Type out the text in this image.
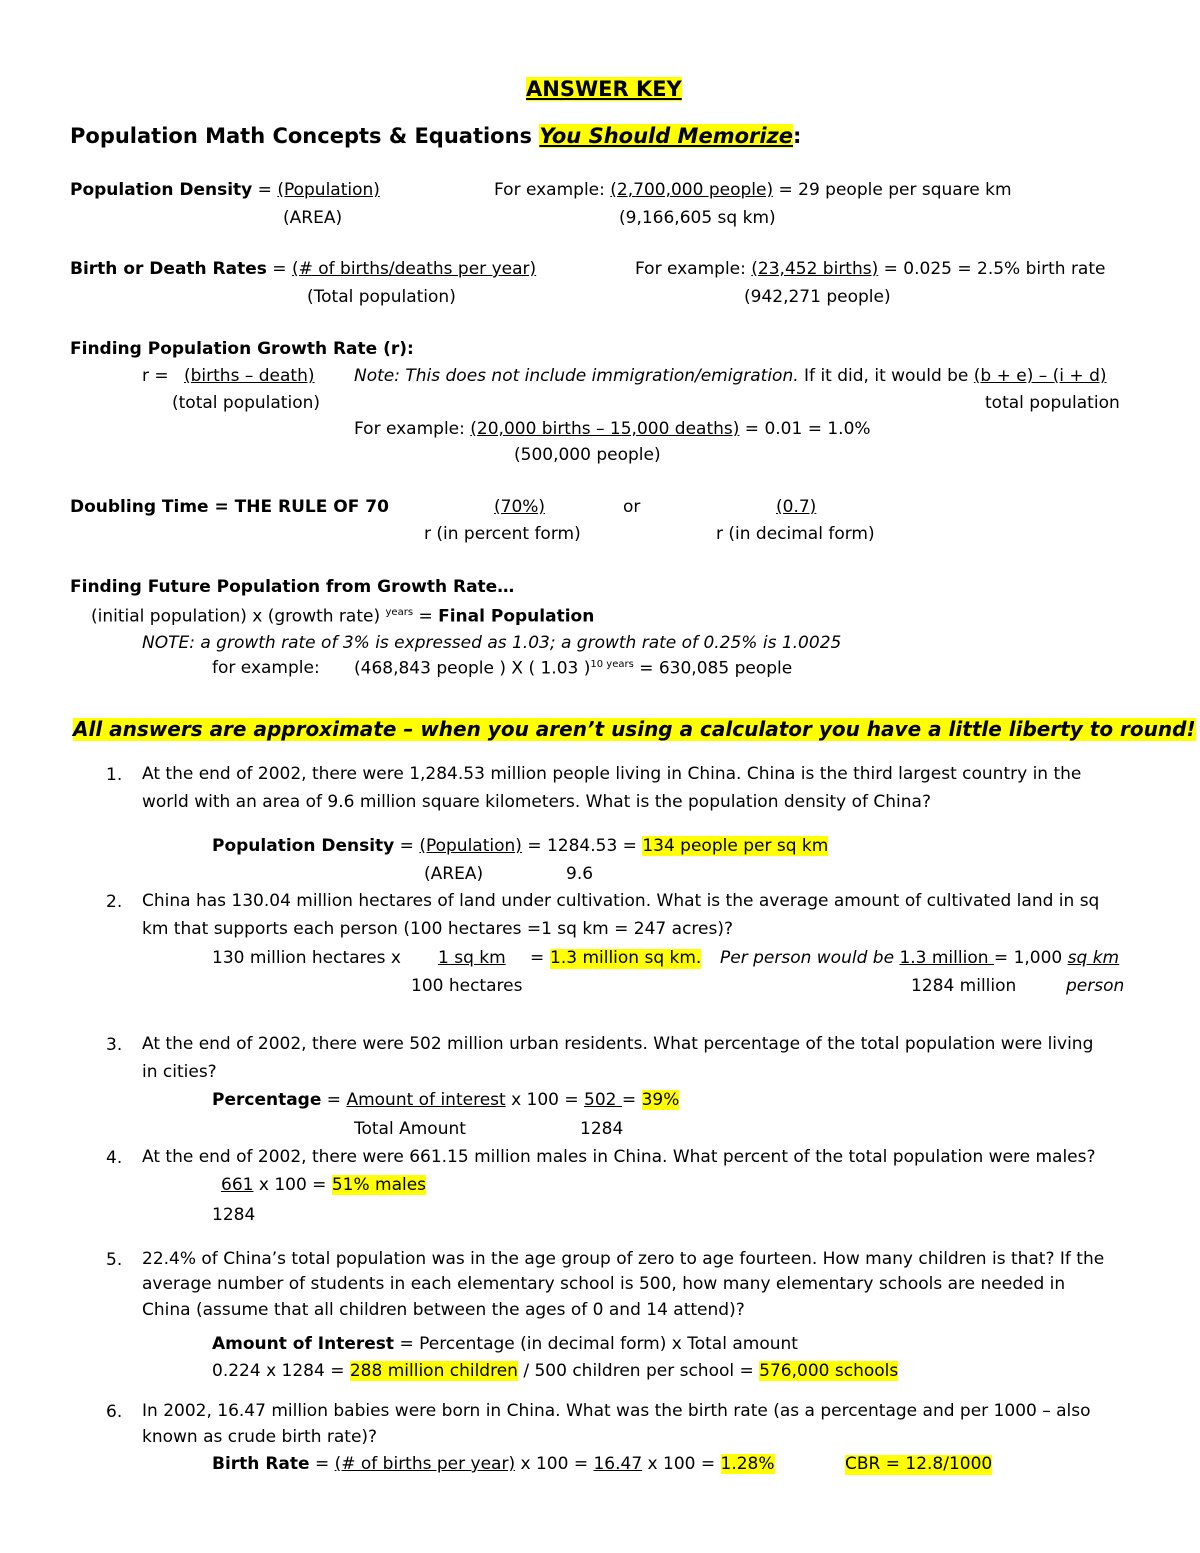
ANSWER KEY
Population Math Concepts & Equations You Should Memorize:
Population Density = (Population)
(AREA)
For example: (2,700,000 people) = 29 people per square km
(9,166,605 sq km)
Birth or Death Rates = (# of births/deaths per year)
(Total population)
For example: (23,452 births) = 0.025 = 2.5% birth rate
(942,271 people)
Finding Population Growth Rate (r):
r = (births – death)
(total population)
Note: This does not include immigration/emigration. If it did, it would be (b + e) – (i + d)
total population
For example: (20,000 births – 15,000 deaths) = 0.01 = 1.0%
(500,000 people)
Doubling Time = THE RULE OF 70	(70%)	or	(0.7)
r (in percent form)	r (in decimal form)
Finding Future Population from Growth Rate…
(initial population) x (growth rate) $^{years}$ = Final Population
NOTE: a growth rate of 3% is expressed as 1.03; a growth rate of 0.25% is 1.0025
for example: (468,843 people ) X ( 1.03 )$^{10 years}$ = 630,085 people
All answers are approximate – when you aren’t using a calculator you have a little liberty to round!
1. At the end of 2002, there were 1,284.53 million people living in China. China is the third largest country in the
world with an area of 9.6 million square kilometers. What is the population density of China?
Population Density = (Population) = 1284.53 = 134 people per sq km
(AREA)	9.6
2. China has 130.04 million hectares of land under cultivation. What is the average amount of cultivated land in sq
km that supports each person (100 hectares =1 sq km = 247 acres)?
130 million hectares x 1 sq km = 1.3 million sq km. Per person would be 1.3 million = 1,000 sq km
100 hectares	1284 million	person
3. At the end of 2002, there were 502 million urban residents. What percentage of the total population were living
in cities?
Percentage = Amount of interest x 100 = 502 = 39%
Total Amount	1284
4. At the end of 2002, there were 661.15 million males in China. What percent of the total population were males?
661 x 100 = 51% males
1284
5. 22.4% of China’s total population was in the age group of zero to age fourteen. How many children is that? If the
average number of students in each elementary school is 500, how many elementary schools are needed in
China (assume that all children between the ages of 0 and 14 attend)?
Amount of Interest = Percentage (in decimal form) x Total amount
0.224 x 1284 = 288 million children / 500 children per school = 576,000 schools
6. In 2002, 16.47 million babies were born in China. What was the birth rate (as a percentage and per 1000 – also
known as crude birth rate)?
Birth Rate = (# of births per year) x 100 = 16.47 x 100 = 1.28%	CBR = 12.8/1000
